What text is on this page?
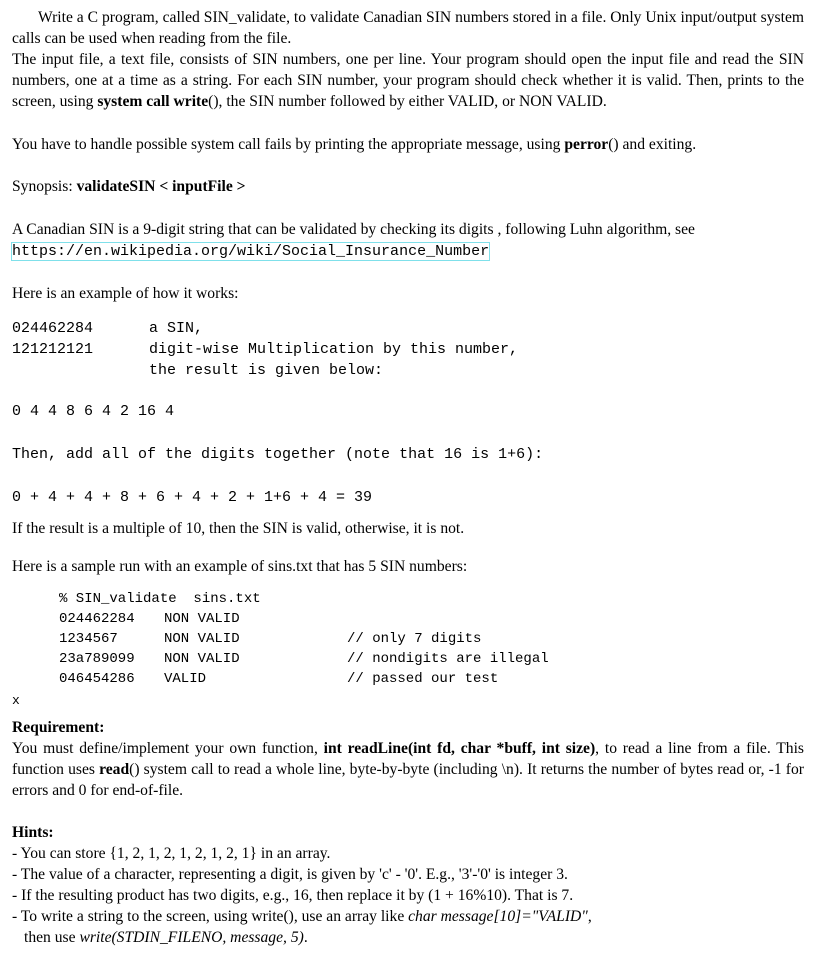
Write a C program, called SIN_validate, to validate Canadian SIN numbers stored in a file. Only Unix input/output system calls can be used when reading from the file.

The input file, a text file, consists of SIN numbers, one per line. Your program should open the input file and read the SIN numbers, one at a time as a string. For each SIN number, your program should check whether it is valid. Then, prints to the screen, using system call write(), the SIN number followed by either VALID, or NON VALID.

You have to handle possible system call fails by printing the appropriate message, using perror() and exiting.

Synopsis: validateSIN < inputFile >

A Canadian SIN is a 9-digit string that can be validated by checking its digits , following Luhn algorithm, see

https://en.wikipedia.org/wiki/Social_Insurance_Number

Here is an example of how it works:

024462284	a SIN,
121212121	digit-wise Multiplication by this number,
the result is given below:
0 4 4 8 6 4 2 16 4
Then, add all of the digits together (note that 16 is 1+6):
0 + 4 + 4 + 8 + 6 + 4 + 2 + 1+6 + 4 = 39

If the result is a multiple of 10, then the SIN is valid, otherwise, it is not.

Here is a sample run with an example of sins.txt that has 5 SIN numbers:

% SIN_validate  sins.txt
024462284 NON VALID
1234567	NON VALID	// only 7 digits
23a789099 NON VALID	// nondigits are illegal
046454286 VALID	// passed our test
x

Requirement:

You must define/implement your own function, int readLine(int fd, char *buff, int size), to read a line from a file. This function uses read() system call to read a whole line, byte-by-byte (including \n). It returns the number of bytes read or, -1 for errors and 0 for end-of-file.

Hints:

- You can store {1, 2, 1, 2, 1, 2, 1, 2, 1} in an array.

- The value of a character, representing a digit, is given by 'c' - '0'. E.g., '3'-'0' is integer 3.

- If the resulting product has two digits, e.g., 16, then replace it by (1 + 16%10). That is 7.

- To write a string to the screen, using write(), use an array like char message[10]="VALID",

then use write(STDIN_FILENO, message, 5).
